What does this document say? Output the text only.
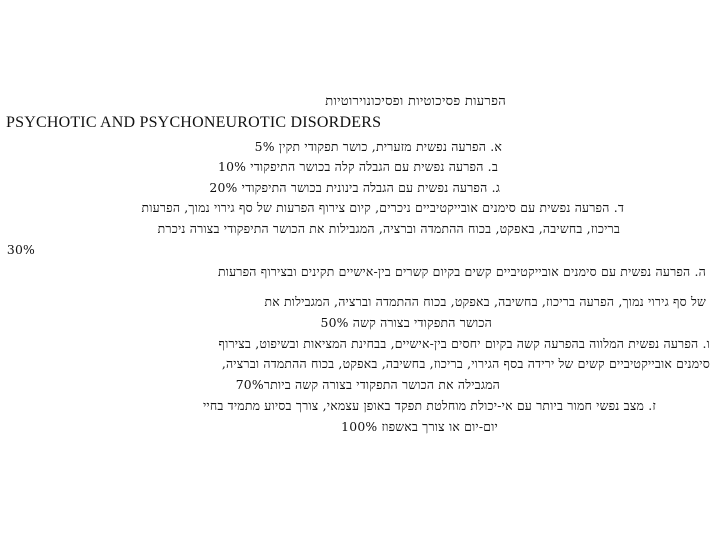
הפרעות פסיכוטיות ופסיכונוירוטיות
PSYCHOTIC AND PSYCHONEUROTIC DISORDERS
א. הפרעה נפשית מזערית, כושר תפקודי תקין 5%
ב. הפרעה נפשית עם הגבלה קלה בכושר התיפקודי 10%
ג. הפרעה נפשית עם הגבלה בינונית בכושר התיפקודי 20%
ד. הפרעה נפשית עם סימנים אובייקטיביים ניכרים, קיום צירוף הפרעות של סף גירוי נמוך, הפרעות
בריכוז, בחשיבה, באפקט, בכוח ההתמדה וברציה, המגבילות את הכושר התיפקודי בצורה ניכרת
30%
ה. הפרעה נפשית עם סימנים אובייקטיביים קשים בקיום קשרים בין-אישיים תקינים ובצירוף הפרעות
של סף גירוי נמוך, הפרעה בריכוז, בחשיבה, באפקט, בכוח ההתמדה וברציה, המגבילות את
הכושר התפקודי בצורה קשה 50%
ו. הפרעה נפשית המלווה בהפרעה קשה בקיום יחסים בין-אישיים, בבחינת המציאות ובשיפוט, בצירוף
סימנים אובייקטיביים קשים של ירידה בסף הגירוי, בריכוז, בחשיבה, באפקט, בכוח ההתמדה וברציה,
המגבילה את הכושר התפקודי בצורה קשה ביותר70%
ז. מצב נפשי חמור ביותר עם אי-יכולת מוחלטת תפקד באופן עצמאי, צורך בסיוע מתמיד בחיי
יום-יום או צורך באשפוז 100%
